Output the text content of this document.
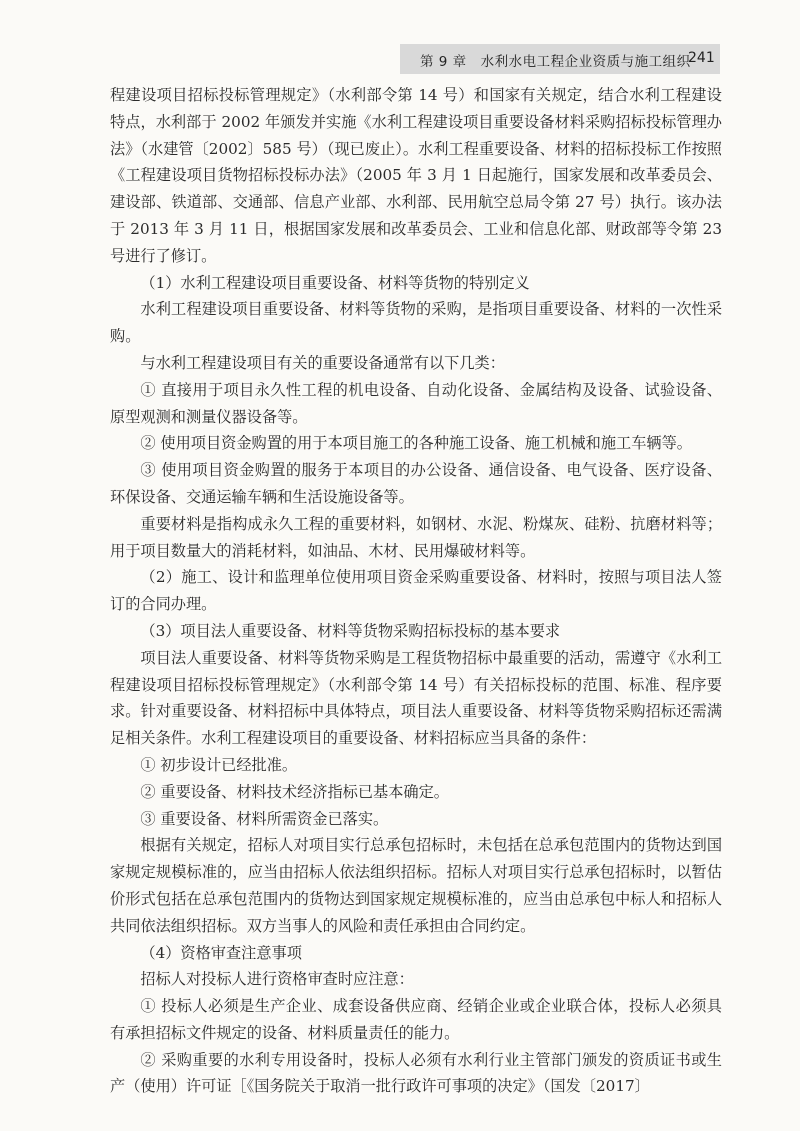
第 9 章　水利水电工程企业资质与施工组织
241

程建设项目招标投标管理规定》（水利部令第 14 号）和国家有关规定，结合水利工程建设特点，水利部于 2002 年颁发并实施《水利工程建设项目重要设备材料采购招标投标管理办法》（水建管〔2002〕585 号）（现已废止）。水利工程重要设备、材料的招标投标工作按照《工程建设项目货物招标投标办法》（2005 年 3 月 1 日起施行，国家发展和改革委员会、建设部、铁道部、交通部、信息产业部、水利部、民用航空总局令第 27 号）执行。该办法于 2013 年 3 月 11 日，根据国家发展和改革委员会、工业和信息化部、财政部等令第 23 号进行了修订。

（1）水利工程建设项目重要设备、材料等货物的特别定义

水利工程建设项目重要设备、材料等货物的采购，是指项目重要设备、材料的一次性采购。

与水利工程建设项目有关的重要设备通常有以下几类：

① 直接用于项目永久性工程的机电设备、自动化设备、金属结构及设备、试验设备、原型观测和测量仪器设备等。

② 使用项目资金购置的用于本项目施工的各种施工设备、施工机械和施工车辆等。

③ 使用项目资金购置的服务于本项目的办公设备、通信设备、电气设备、医疗设备、环保设备、交通运输车辆和生活设施设备等。

重要材料是指构成永久工程的重要材料，如钢材、水泥、粉煤灰、硅粉、抗磨材料等；用于项目数量大的消耗材料，如油品、木材、民用爆破材料等。

（2）施工、设计和监理单位使用项目资金采购重要设备、材料时，按照与项目法人签订的合同办理。

（3）项目法人重要设备、材料等货物采购招标投标的基本要求

项目法人重要设备、材料等货物采购是工程货物招标中最重要的活动，需遵守《水利工程建设项目招标投标管理规定》（水利部令第 14 号）有关招标投标的范围、标准、程序要求。针对重要设备、材料招标中具体特点，项目法人重要设备、材料等货物采购招标还需满足相关条件。水利工程建设项目的重要设备、材料招标应当具备的条件：

① 初步设计已经批准。

② 重要设备、材料技术经济指标已基本确定。

③ 重要设备、材料所需资金已落实。

根据有关规定，招标人对项目实行总承包招标时，未包括在总承包范围内的货物达到国家规定规模标准的，应当由招标人依法组织招标。招标人对项目实行总承包招标时，以暂估价形式包括在总承包范围内的货物达到国家规定规模标准的，应当由总承包中标人和招标人共同依法组织招标。双方当事人的风险和责任承担由合同约定。

（4）资格审查注意事项

招标人对投标人进行资格审查时应注意：

① 投标人必须是生产企业、成套设备供应商、经销企业或企业联合体，投标人必须具有承担招标文件规定的设备、材料质量责任的能力。

② 采购重要的水利专用设备时，投标人必须有水利行业主管部门颁发的资质证书或生产（使用）许可证［《国务院关于取消一批行政许可事项的决定》（国发〔2017〕
